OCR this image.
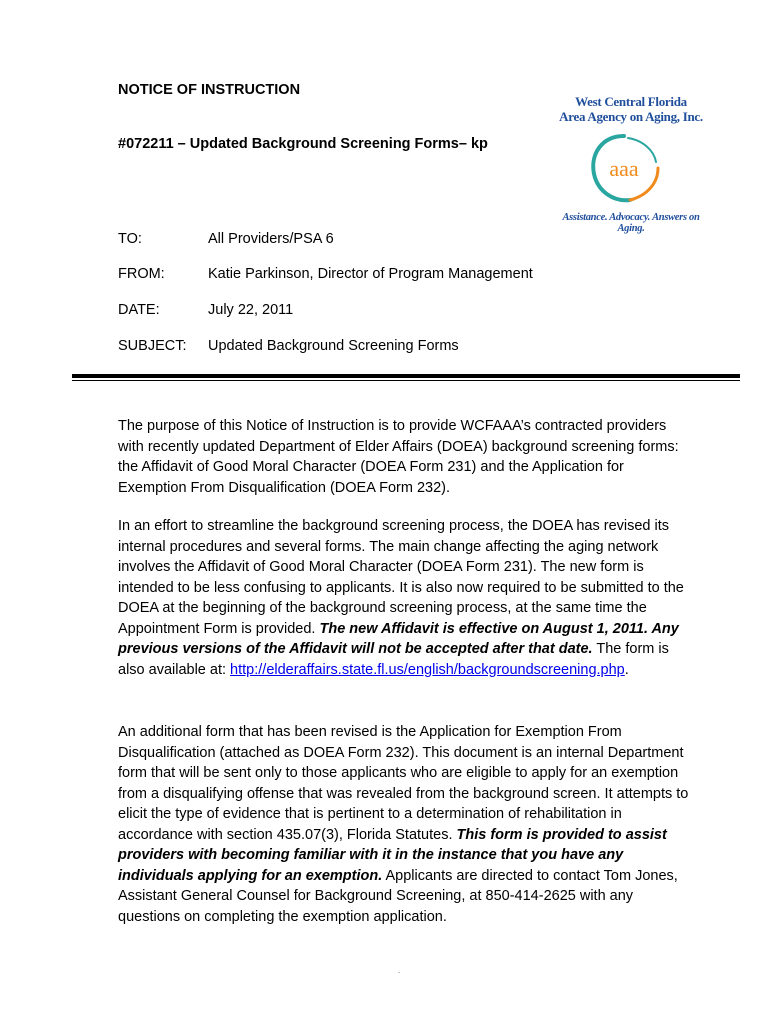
NOTICE OF INSTRUCTION
#072211 – Updated Background Screening Forms– kp
West Central Florida
Area Agency on Aging, Inc.
aaa
Assistance. Advocacy. Answers on Aging.
TO:	All Providers/PSA 6
FROM:	Katie Parkinson, Director of Program Management
DATE:	July 22, 2011
SUBJECT:	Updated Background Screening Forms
The purpose of this Notice of Instruction is to provide WCFAAA’s contracted providers with recently updated Department of Elder Affairs (DOEA) background screening forms: the Affidavit of Good Moral Character (DOEA Form 231) and the Application for Exemption From Disqualification (DOEA Form 232).
In an effort to streamline the background screening process, the DOEA has revised its internal procedures and several forms. The main change affecting the aging network involves the Affidavit of Good Moral Character (DOEA Form 231). The new form is intended to be less confusing to applicants. It is also now required to be submitted to the DOEA at the beginning of the background screening process, at the same time the Appointment Form is provided. The new Affidavit is effective on August 1, 2011. Any previous versions of the Affidavit will not be accepted after that date. The form is also available at: http://elderaffairs.state.fl.us/english/backgroundscreening.php.
An additional form that has been revised is the Application for Exemption From Disqualification (attached as DOEA Form 232). This document is an internal Department form that will be sent only to those applicants who are eligible to apply for an exemption from a disqualifying offense that was revealed from the background screen. It attempts to elicit the type of evidence that is pertinent to a determination of rehabilitation in accordance with section 435.07(3), Florida Statutes. This form is provided to assist providers with becoming familiar with it in the instance that you have any individuals applying for an exemption. Applicants are directed to contact Tom Jones, Assistant General Counsel for Background Screening, at 850-414-2625 with any questions on completing the exemption application.
.
